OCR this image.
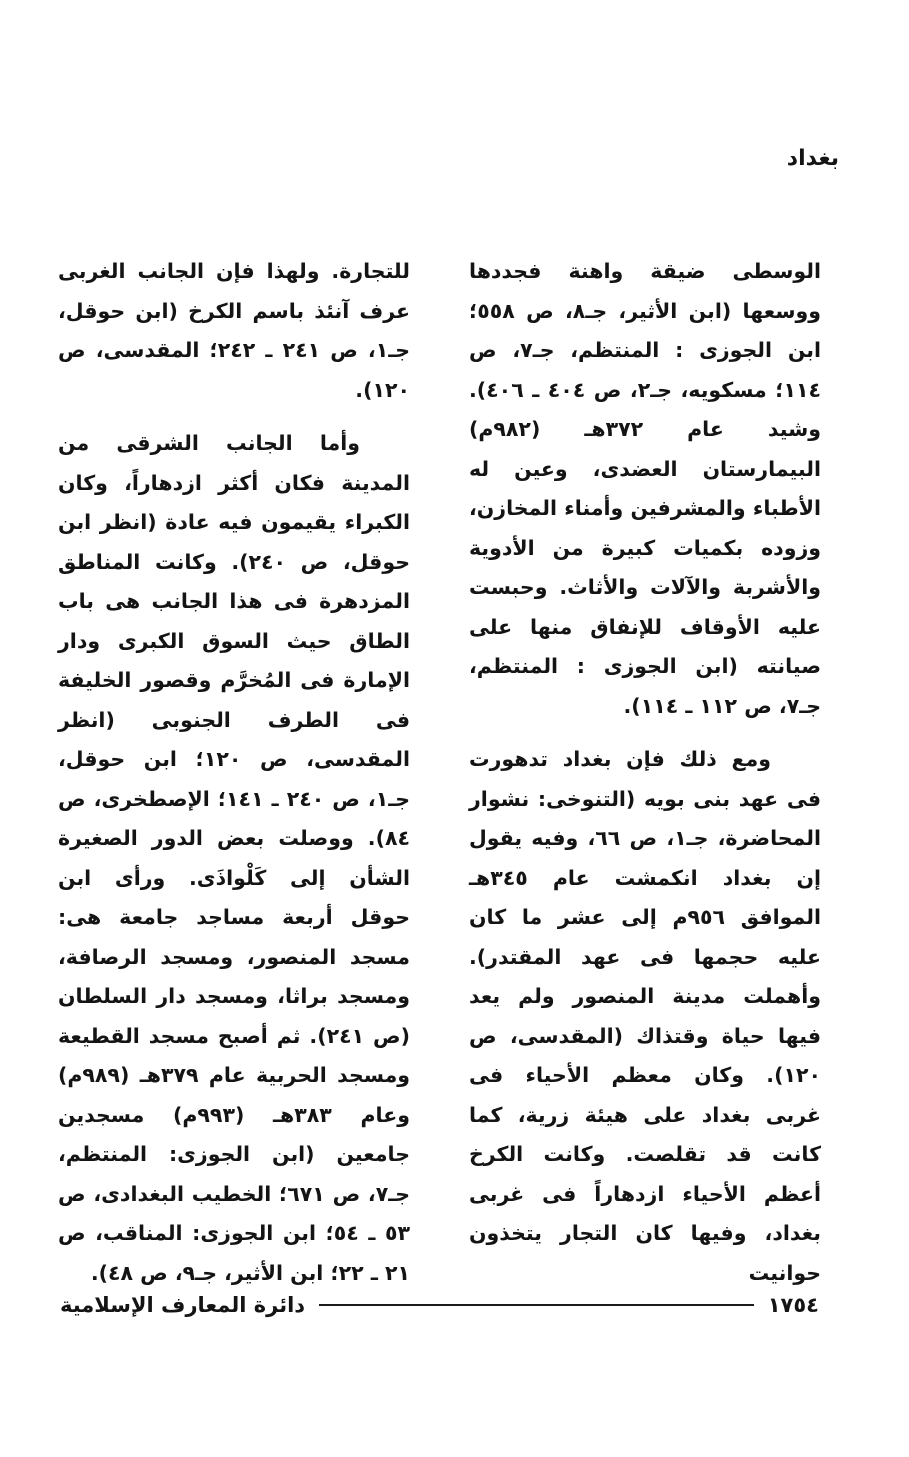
بغداد

الوسطى ضيقة واهنة فجددها ووسعها (ابن الأثير، جـ٨، ص ٥٥٨؛ ابن الجوزى : المنتظم، جـ٧، ص ١١٤؛ مسكويه، جـ٢، ص ٤٠٤ ـ ٤٠٦). وشيد عام ٣٧٢هـ (٩٨٢م) البيمارستان العضدى، وعين له الأطباء والمشرفين وأمناء المخازن، وزوده بكميات كبيرة من الأدوية والأشربة والآلات والأثاث. وحبست عليه الأوقاف للإنفاق منها على صيانته (ابن الجوزى : المنتظم، جـ٧، ص ١١٢ ـ ١١٤).

ومع ذلك فإن بغداد تدهورت فى عهد بنى بويه (التنوخى: نشوار المحاضرة، جـ١، ص ٦٦، وفيه يقول إن بغداد انكمشت عام ٣٤٥هـ الموافق ٩٥٦م إلى عشر ما كان عليه حجمها فى عهد المقتدر). وأهملت مدينة المنصور ولم يعد فيها حياة وقتذاك (المقدسى، ص ١٢٠). وكان معظم الأحياء فى غربى بغداد على هيئة زرية، كما كانت قد تقلصت. وكانت الكرخ أعظم الأحياء ازدهاراً فى غربى بغداد، وفيها كان التجار يتخذون حوانيت

للتجارة. ولهذا فإن الجانب الغربى عرف آنئذ باسم الكرخ (ابن حوقل، جـ١، ص ٢٤١ ـ ٢٤٢؛ المقدسى، ص ١٢٠).

وأما الجانب الشرقى من المدينة فكان أكثر ازدهاراً، وكان الكبراء يقيمون فيه عادة (انظر ابن حوقل، ص ٢٤٠). وكانت المناطق المزدهرة فى هذا الجانب هى باب الطاق حيث السوق الكبرى ودار الإمارة فى المُخرَّم وقصور الخليفة فى الطرف الجنوبى (انظر المقدسى، ص ١٢٠؛ ابن حوقل، جـ١، ص ٢٤٠ ـ ١٤١؛ الإصطخرى، ص ٨٤). ووصلت بعض الدور الصغيرة الشأن إلى كَلْواذَى. ورأى ابن حوقل أربعة مساجد جامعة هى: مسجد المنصور، ومسجد الرصافة، ومسجد براثا، ومسجد دار السلطان (ص ٢٤١). ثم أصبح مسجد القطيعة ومسجد الحربية عام ٣٧٩هـ (٩٨٩م) وعام ٣٨٣هـ (٩٩٣م) مسجدين جامعين (ابن الجوزى: المنتظم، جـ٧، ص ٦٧١؛ الخطيب البغدادى، ص ٥٣ ـ ٥٤؛ ابن الجوزى: المناقب، ص ٢١ ـ ٢٢؛ ابن الأثير، جـ٩، ص ٤٨).

١٧٥٤
دائرة المعارف الإسلامية
